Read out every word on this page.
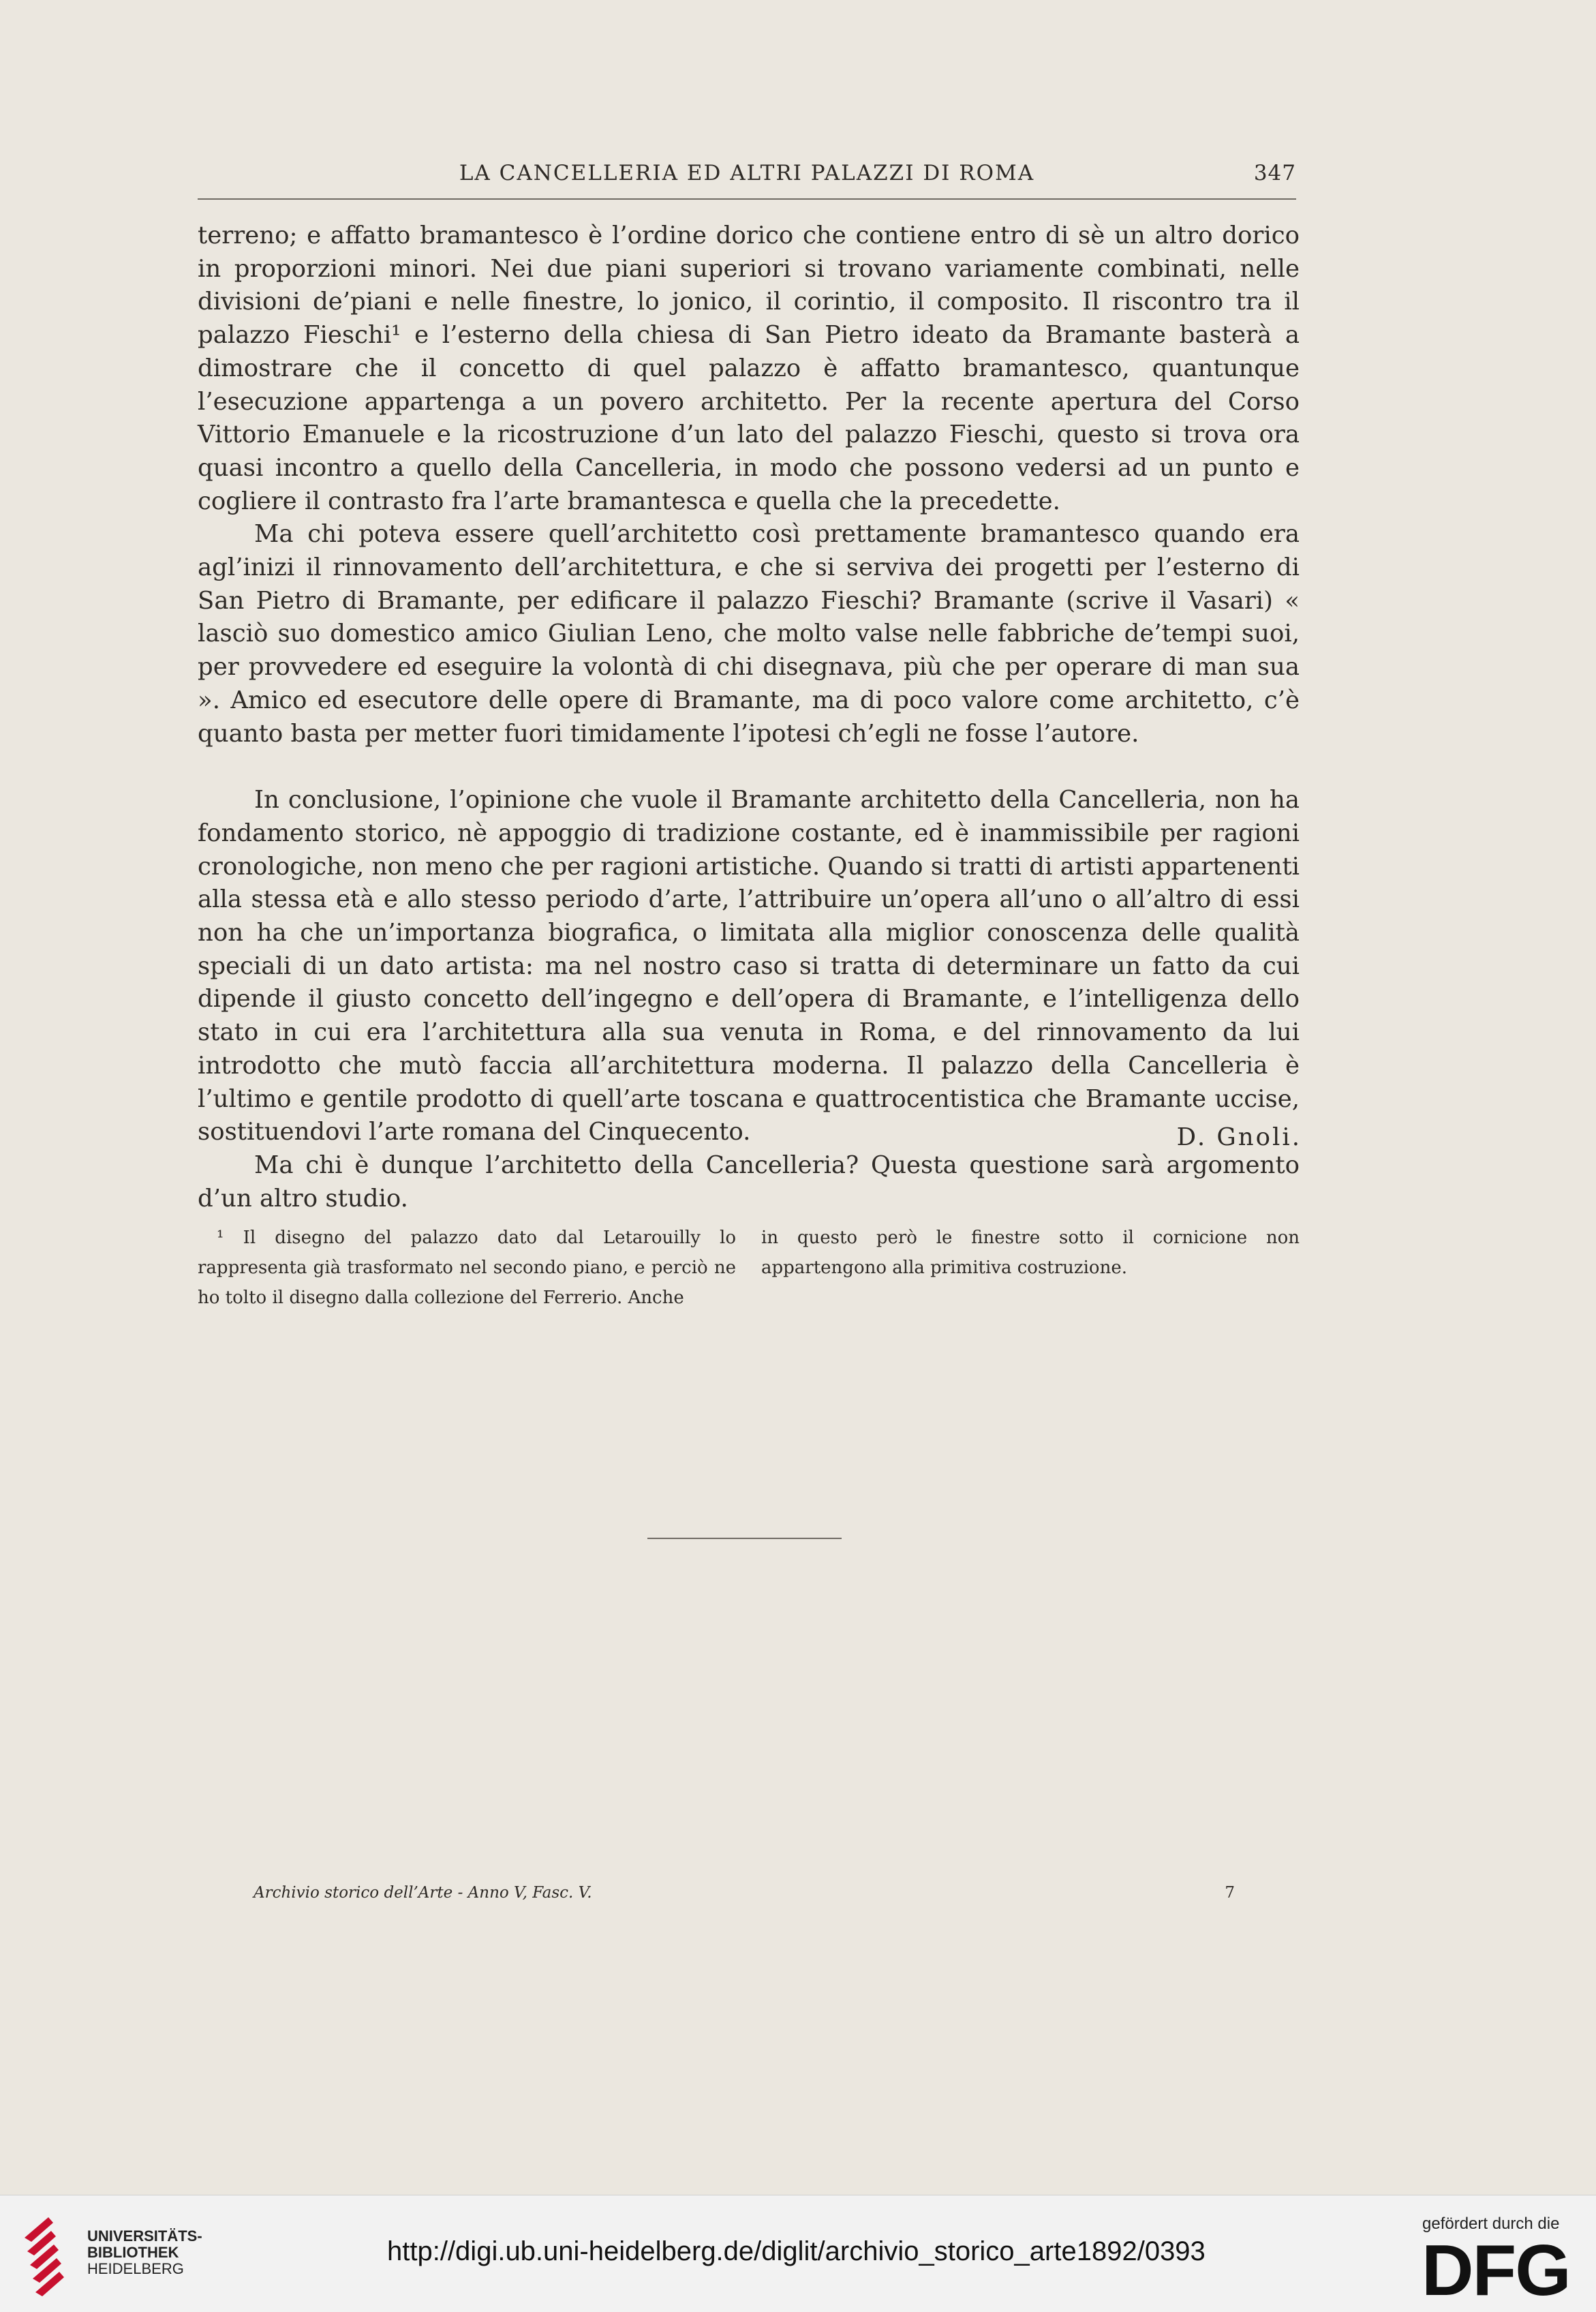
LA CANCELLERIA ED ALTRI PALAZZI DI ROMA	347

terreno; e affatto bramantesco è l’ordine dorico che contiene entro di sè un altro dorico in proporzioni minori. Nei due piani superiori si trovano variamente combinati, nelle divisioni de’piani e nelle finestre, lo jonico, il corintio, il composito. Il riscontro tra il palazzo Fieschi¹ e l’esterno della chiesa di San Pietro ideato da Bramante basterà a dimostrare che il concetto di quel palazzo è affatto bramantesco, quantunque l’esecuzione appartenga a un povero architetto. Per la recente apertura del Corso Vittorio Emanuele e la ricostruzione d’un lato del palazzo Fieschi, questo si trova ora quasi incontro a quello della Cancelleria, in modo che possono vedersi ad un punto e cogliere il contrasto fra l’arte bramantesca e quella che la precedette.

Ma chi poteva essere quell’architetto così prettamente bramantesco quando era agl’inizi il rinnovamento dell’architettura, e che si serviva dei progetti per l’esterno di San Pietro di Bramante, per edificare il palazzo Fieschi? Bramante (scrive il Vasari) « lasciò suo domestico amico Giulian Leno, che molto valse nelle fabbriche de’tempi suoi, per provvedere ed eseguire la volontà di chi disegnava, più che per operare di man sua ». Amico ed esecutore delle opere di Bramante, ma di poco valore come architetto, c’è quanto basta per metter fuori timidamente l’ipotesi ch’egli ne fosse l’autore.

In conclusione, l’opinione che vuole il Bramante architetto della Cancelleria, non ha fondamento storico, nè appoggio di tradizione costante, ed è inammissibile per ragioni cronologiche, non meno che per ragioni artistiche. Quando si tratti di artisti appartenenti alla stessa età e allo stesso periodo d’arte, l’attribuire un’opera all’uno o all’altro di essi non ha che un’importanza biografica, o limitata alla miglior conoscenza delle qualità speciali di un dato artista: ma nel nostro caso si tratta di determinare un fatto da cui dipende il giusto concetto dell’ingegno e dell’opera di Bramante, e l’intelligenza dello stato in cui era l’architettura alla sua venuta in Roma, e del rinnovamento da lui introdotto che mutò faccia all’architettura moderna. Il palazzo della Cancelleria è l’ultimo e gentile prodotto di quell’arte toscana e quattrocentistica che Bramante uccise, sostituendovi l’arte romana del Cinquecento.

Ma chi è dunque l’architetto della Cancelleria? Questa questione sarà argomento d’un altro studio.

D. Gnoli.

¹ Il disegno del palazzo dato dal Letarouilly lo rappresenta già trasformato nel secondo piano, e perciò ne ho tolto il disegno dalla collezione del Ferrerio. Anche

in questo però le finestre sotto il cornicione non appartengono alla primitiva costruzione.

Archivio storico dell’Arte - Anno V, Fasc. V.	7
UNIVERSITÄTS-
BIBLIOTHEK
HEIDELBERG
http://digi.ub.uni-heidelberg.de/diglit/archivio_storico_arte1892/0393
gefördert durch die
DFG
